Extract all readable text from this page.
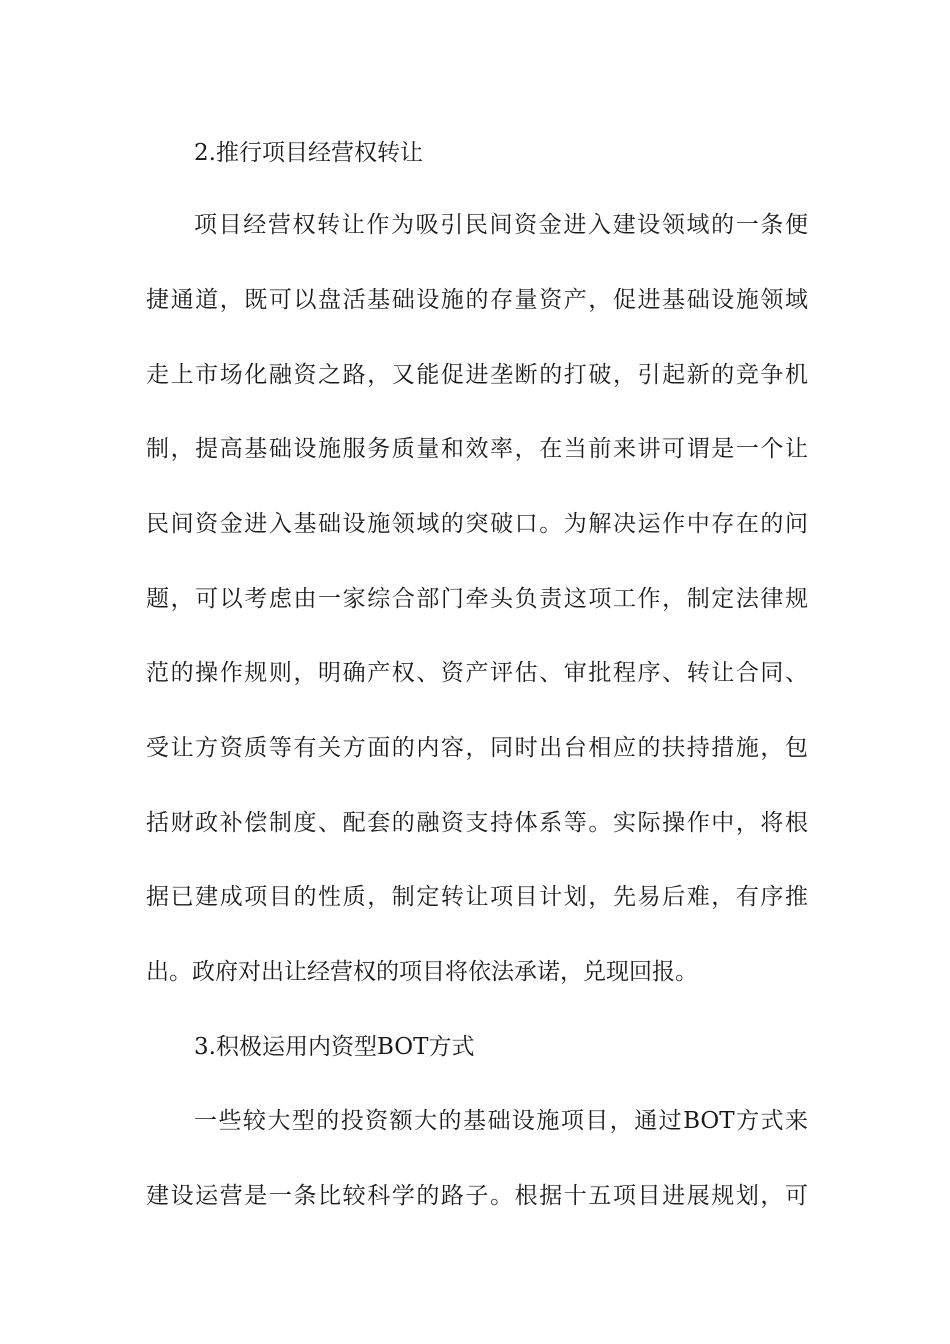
2.推行项目经营权转让
项目经营权转让作为吸引民间资金进入建设领域的一条便
捷通道，既可以盘活基础设施的存量资产，促进基础设施领域
走上市场化融资之路，又能促进垄断的打破，引起新的竞争机
制，提高基础设施服务质量和效率，在当前来讲可谓是一个让
民间资金进入基础设施领域的突破口。为解决运作中存在的问
题，可以考虑由一家综合部门牵头负责这项工作，制定法律规
范的操作规则，明确产权、资产评估、审批程序、转让合同、
受让方资质等有关方面的内容，同时出台相应的扶持措施，包
括财政补偿制度、配套的融资支持体系等。实际操作中，将根
据已建成项目的性质，制定转让项目计划，先易后难，有序推
出。政府对出让经营权的项目将依法承诺，兑现回报。
3.积极运用内资型BOT方式
一些较大型的投资额大的基础设施项目，通过BOT方式来
建设运营是一条比较科学的路子。根据十五项目进展规划，可
